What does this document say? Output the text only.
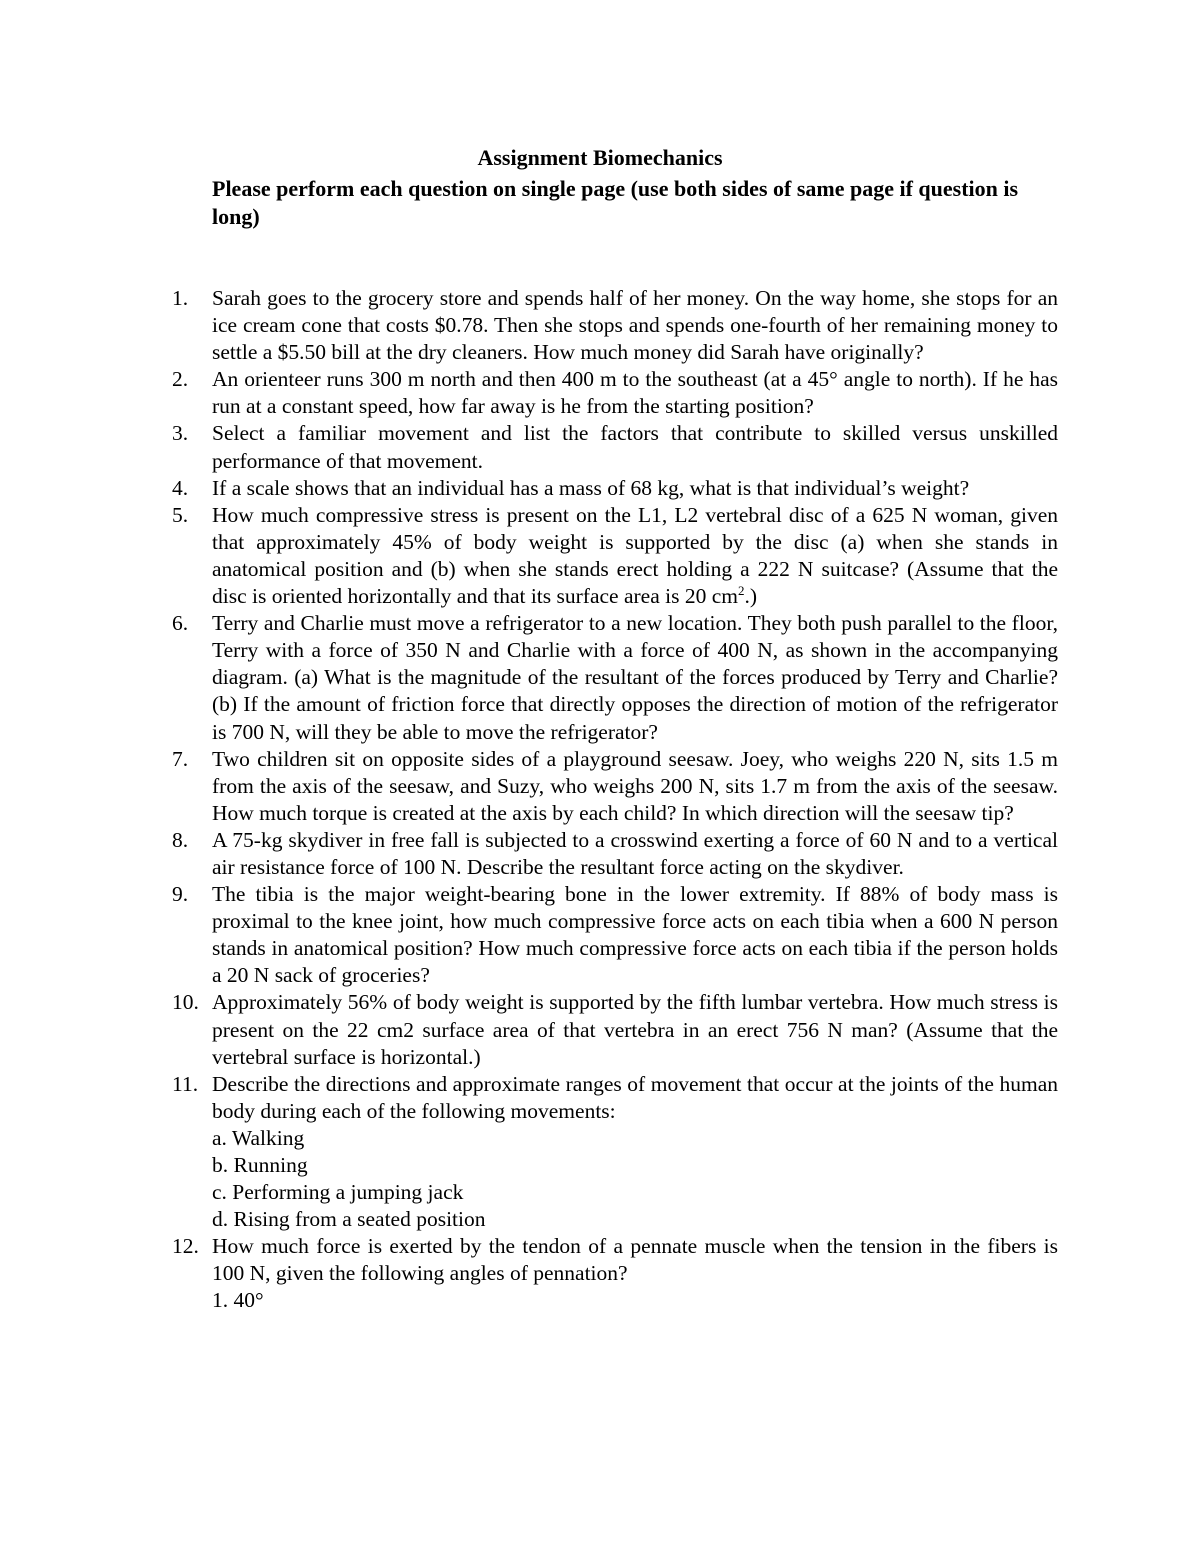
Assignment Biomechanics
Please perform each question on single page (use both sides of same page if question is long)
1. Sarah goes to the grocery store and spends half of her money. On the way home, she stops for an ice cream cone that costs $0.78. Then she stops and spends one-fourth of her remaining money to settle a $5.50 bill at the dry cleaners. How much money did Sarah have originally?
2. An orienteer runs 300 m north and then 400 m to the southeast (at a 45° angle to north). If he has run at a constant speed, how far away is he from the starting position?
3. Select a familiar movement and list the factors that contribute to skilled versus unskilled performance of that movement.
4. If a scale shows that an individual has a mass of 68 kg, what is that individual’s weight?
5. How much compressive stress is present on the L1, L2 vertebral disc of a 625 N woman, given that approximately 45% of body weight is supported by the disc (a) when she stands in anatomical position and (b) when she stands erect holding a 222 N suitcase? (Assume that the disc is oriented horizontally and that its surface area is 20 $cm^2$.)
6. Terry and Charlie must move a refrigerator to a new location. They both push parallel to the floor, Terry with a force of 350 N and Charlie with a force of 400 N, as shown in the accompanying diagram. (a) What is the magnitude of the resultant of the forces produced by Terry and Charlie? (b) If the amount of friction force that directly opposes the direction of motion of the refrigerator is 700 N, will they be able to move the refrigerator?
7. Two children sit on opposite sides of a playground seesaw. Joey, who weighs 220 N, sits 1.5 m from the axis of the seesaw, and Suzy, who weighs 200 N, sits 1.7 m from the axis of the seesaw. How much torque is created at the axis by each child? In which direction will the seesaw tip?
8. A 75-kg skydiver in free fall is subjected to a crosswind exerting a force of 60 N and to a vertical air resistance force of 100 N. Describe the resultant force acting on the skydiver.
9. The tibia is the major weight-bearing bone in the lower extremity. If 88% of body mass is proximal to the knee joint, how much compressive force acts on each tibia when a 600 N person stands in anatomical position? How much compressive force acts on each tibia if the person holds a 20 N sack of groceries?
10. Approximately 56% of body weight is supported by the fifth lumbar vertebra. How much stress is present on the 22 cm2 surface area of that vertebra in an erect 756 N man? (Assume that the vertebral surface is horizontal.)
11. Describe the directions and approximate ranges of movement that occur at the joints of the human body during each of the following movements:
a. Walking
b. Running
c. Performing a jumping jack
d. Rising from a seated position
12. How much force is exerted by the tendon of a pennate muscle when the tension in the fibers is 100 N, given the following angles of pennation?
1. 40°
